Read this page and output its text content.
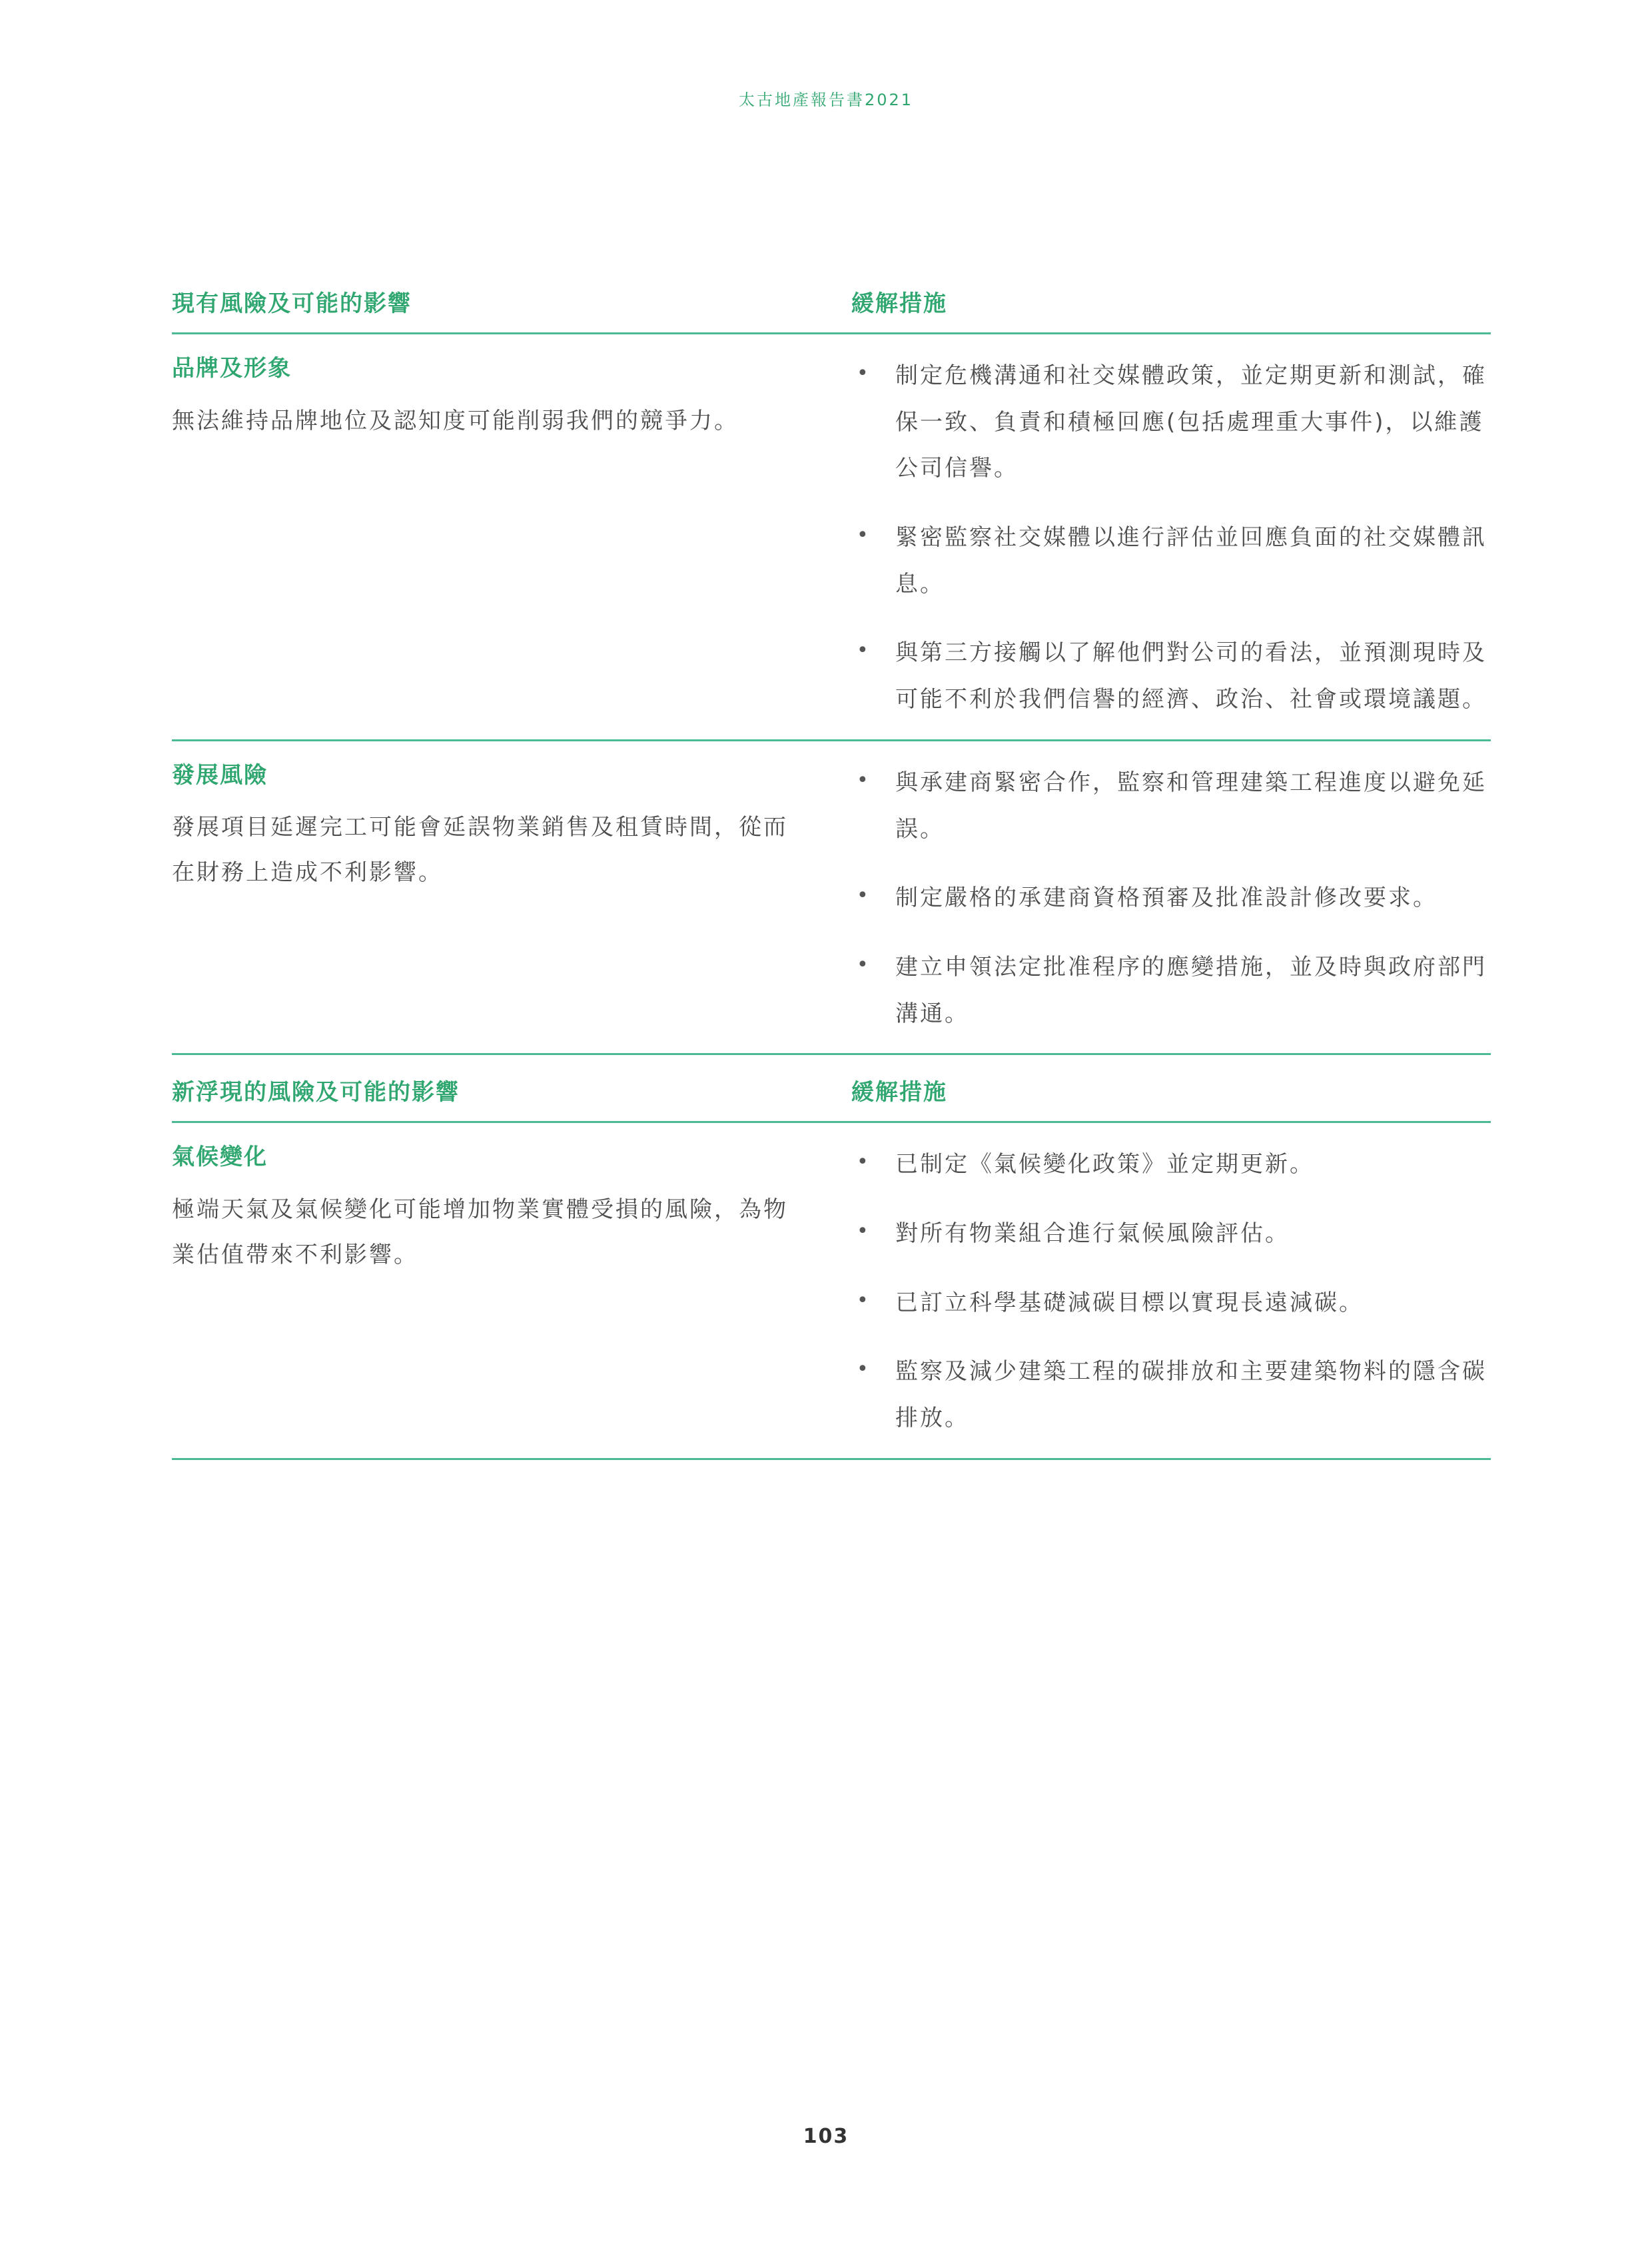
太古地產報告書2021
現有風險及可能的影響	緩解措施
品牌及形象
無法維持品牌地位及認知度可能削弱我們的競爭力。
• 制定危機溝通和社交媒體政策，並定期更新和測試，確保一致、負責和積極回應(包括處理重大事件)，以維護公司信譽。
• 緊密監察社交媒體以進行評估並回應負面的社交媒體訊息。
• 與第三方接觸以了解他們對公司的看法，並預測現時及可能不利於我們信譽的經濟、政治、社會或環境議題。
發展風險
發展項目延遲完工可能會延誤物業銷售及租賃時間，從而在財務上造成不利影響。
• 與承建商緊密合作，監察和管理建築工程進度以避免延誤。
• 制定嚴格的承建商資格預審及批准設計修改要求。
• 建立申領法定批准程序的應變措施，並及時與政府部門溝通。
新浮現的風險及可能的影響	緩解措施
氣候變化
極端天氣及氣候變化可能增加物業實體受損的風險，為物業估值帶來不利影響。
• 已制定《氣候變化政策》並定期更新。
• 對所有物業組合進行氣候風險評估。
• 已訂立科學基礎減碳目標以實現長遠減碳。
• 監察及減少建築工程的碳排放和主要建築物料的隱含碳排放。
103
